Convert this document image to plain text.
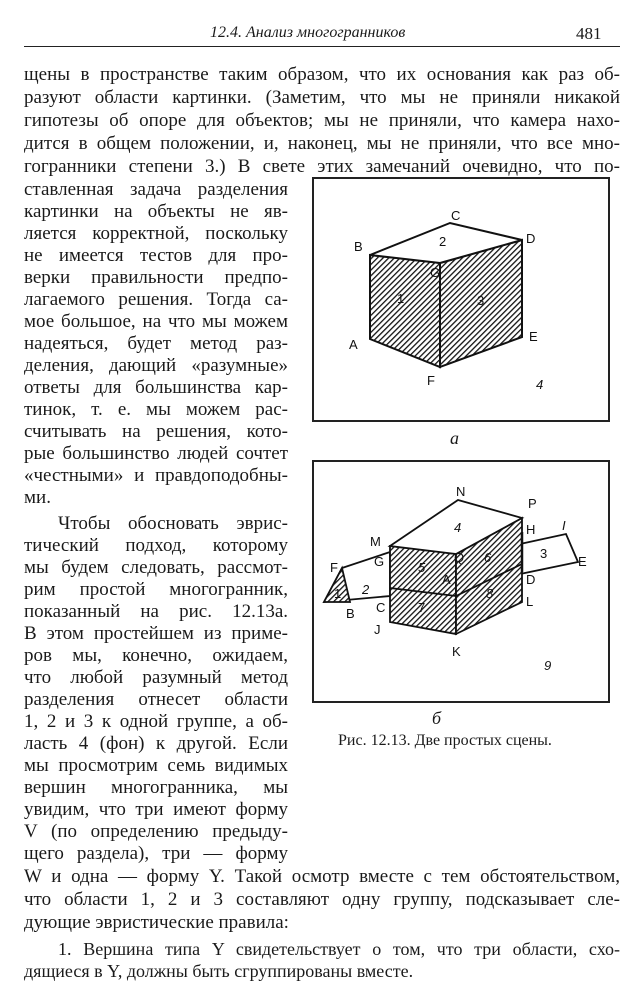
12.4. Анализ многогранников	481
щены в пространстве таким образом, что их основания как раз об-
разуют области картинки. (Заметим, что мы не приняли никакой
гипотезы об опоре для объектов; мы не приняли, что камера нахо-
дится в общем положении, и, наконец, мы не приняли, что все мно-
гогранники степени 3.) В свете этих замечаний очевидно, что по-
ставленная задача разделения
картинки на объекты не яв-
ляется корректной, поскольку
не имеется тестов для про-
верки правильности предпо-
лагаемого решения. Тогда са-
мое большое, на что мы можем
надеяться, будет метод раз-
деления, дающий «разумные»
ответы для большинства кар-
тинок, т. е. мы можем рас-
считывать на решения, кото-
рые большинство людей сочтет
«честными» и правдоподобны-
ми.
Чтобы обосновать эврис-
тический подход, которому
мы будем следовать, рассмот-
рим простой многогранник,
показанный на рис. 12.13а.
В этом простейшем из приме-
ров мы, конечно, ожидаем,
что любой разумный метод
разделения отнесет области
1, 2 и 3 к одной группе, а об-
ласть 4 (фон) к другой. Если
мы просмотрим семь видимых
вершин многогранника, мы
увидим, что три имеют форму
V (по определению предыду-
щего раздела), три — форму
B
C
D
G
A
E
F
1
2
3
4
а
N
P
M
H I
G	Q
F	E
A	D
C
B
J
L
K
4
5
6	3
2
7
8
1
9
б
Рис. 12.13. Две простых сцены.
W и одна — форму Y. Такой осмотр вместе с тем обстоятельством,
что области 1, 2 и 3 составляют одну группу, подсказывает сле-
дующие эвристические правила:
1. Вершина типа Y свидетельствует о том, что три области, схо-
дящиеся в Y, должны быть сгруппированы вместе.
